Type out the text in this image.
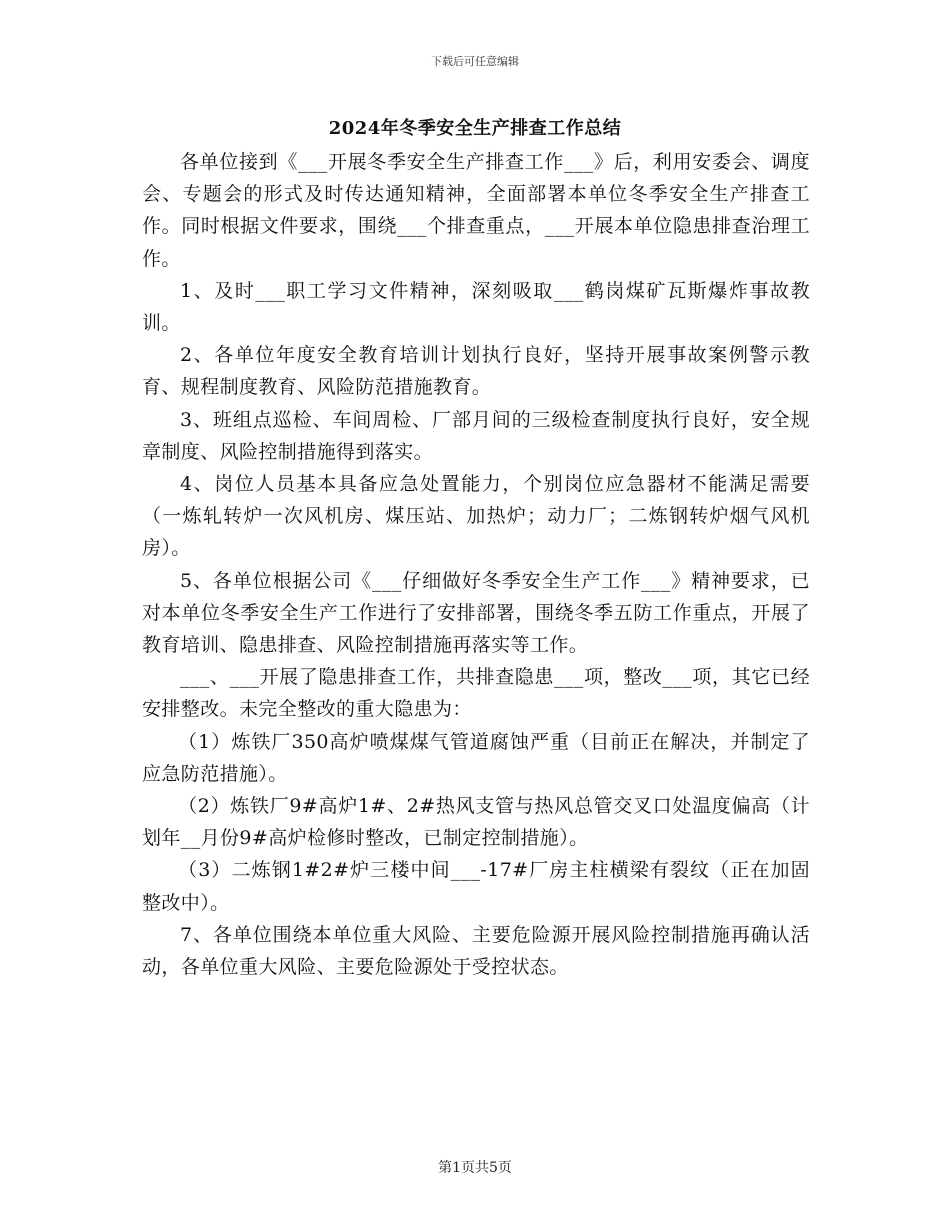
下载后可任意编辑
2024年冬季安全生产排查工作总结

各单位接到《___开展冬季安全生产排查工作___》后，利用安委会、调度会、专题会的形式及时传达通知精神，全面部署本单位冬季安全生产排查工作。同时根据文件要求，围绕___个排查重点，___开展本单位隐患排查治理工作。

1、及时___职工学习文件精神，深刻吸取___鹤岗煤矿瓦斯爆炸事故教训。

2、各单位年度安全教育培训计划执行良好，坚持开展事故案例警示教育、规程制度教育、风险防范措施教育。

3、班组点巡检、车间周检、厂部月间的三级检查制度执行良好，安全规章制度、风险控制措施得到落实。

4、岗位人员基本具备应急处置能力，个别岗位应急器材不能满足需要（一炼轧转炉一次风机房、煤压站、加热炉；动力厂；二炼钢转炉烟气风机房）。

5、各单位根据公司《___仔细做好冬季安全生产工作___》精神要求，已对本单位冬季安全生产工作进行了安排部署，围绕冬季五防工作重点，开展了教育培训、隐患排查、风险控制措施再落实等工作。

___、___开展了隐患排查工作，共排查隐患___项，整改___项，其它已经安排整改。未完全整改的重大隐患为：

（1）炼铁厂350高炉喷煤煤气管道腐蚀严重（目前正在解决，并制定了应急防范措施）。

（2）炼铁厂9#高炉1#、2#热风支管与热风总管交叉口处温度偏高（计划年__月份9#高炉检修时整改，已制定控制措施）。

（3）二炼钢1#2#炉三楼中间___-17#厂房主柱横梁有裂纹（正在加固整改中）。

7、各单位围绕本单位重大风险、主要危险源开展风险控制措施再确认活动，各单位重大风险、主要危险源处于受控状态。

第1页共5页
